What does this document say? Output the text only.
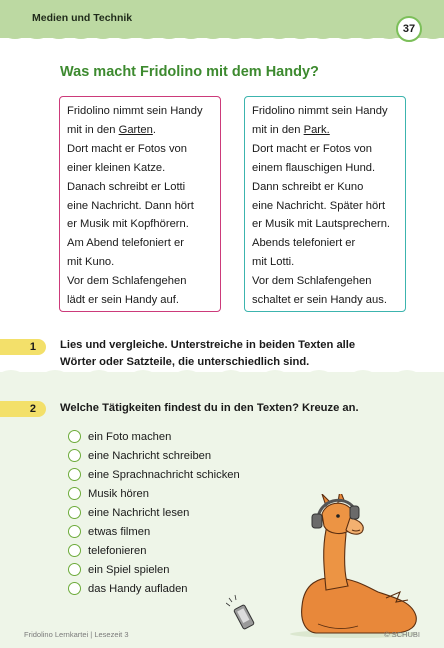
Medien und Technik
37
Was macht Fridolino mit dem Handy?
Fridolino nimmt sein Handy
mit in den Garten.
Dort macht er Fotos von
einer kleinen Katze.
Danach schreibt er Lotti
eine Nachricht. Dann hört
er Musik mit Kopfhörern.
Am Abend telefoniert er
mit Kuno.
Vor dem Schlafengehen
lädt er sein Handy auf.
Fridolino nimmt sein Handy
mit in den Park.
Dort macht er Fotos von
einem flauschigen Hund.
Dann schreibt er Kuno
eine Nachricht. Später hört
er Musik mit Lautsprechern.
Abends telefoniert er
mit Lotti.
Vor dem Schlafengehen
schaltet er sein Handy aus.
1	Lies und vergleiche. Unterstreiche in beiden Texten alle
Wörter oder Satzteile, die unterschiedlich sind.
2	Welche Tätigkeiten findest du in den Texten? Kreuze an.
ein Foto machen
eine Nachricht schreiben
eine Sprachnachricht schicken
Musik hören
eine Nachricht lesen
etwas filmen
telefonieren
ein Spiel spielen
das Handy aufladen
Fridolino Lernkartei | Lesezeit 3	© SCHUBI
